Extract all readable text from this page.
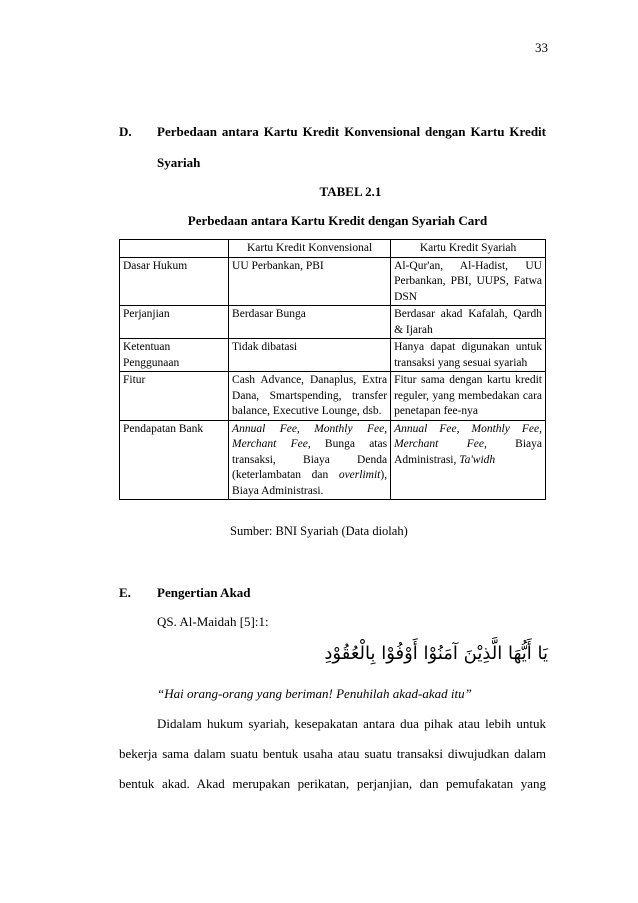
33
D. Perbedaan antara Kartu Kredit Konvensional dengan Kartu Kredit
Syariah
TABEL 2.1
Perbedaan antara Kartu Kredit dengan Syariah Card
	Kartu Kredit Konvensional	Kartu Kredit Syariah
Dasar Hukum	UU Perbankan, PBI	Al-Qur'an, Al-Hadist, UU Perbankan, PBI, UUPS, Fatwa DSN
Perjanjian	Berdasar Bunga	Berdasar akad Kafalah, Qardh & Ijarah
Ketentuan Penggunaan	Tidak dibatasi	Hanya dapat digunakan untuk transaksi yang sesuai syariah
Fitur	Cash Advance, Danaplus, Extra Dana, Smartspending, transfer balance, Executive Lounge, dsb.	Fitur sama dengan kartu kredit reguler, yang membedakan cara penetapan fee-nya
Pendapatan Bank	Annual Fee, Monthly Fee, Merchant Fee, Bunga atas transaksi, Biaya Denda (keterlambatan dan overlimit), Biaya Administrasi.	Annual Fee, Monthly Fee, Merchant Fee, Biaya Administrasi, Ta'widh
Sumber: BNI Syariah (Data diolah)
E. Pengertian Akad
QS. Al-Maidah [5]:1:
يَا أَيُّهَا الَّذِيْنَ آمَنُوْا أَوْفُوْا بِالْعُقُوْدِ
“Hai orang-orang yang beriman! Penuhilah akad-akad itu”
Didalam hukum syariah, kesepakatan antara dua pihak atau lebih untuk
bekerja sama dalam suatu bentuk usaha atau suatu transaksi diwujudkan dalam
bentuk akad. Akad merupakan perikatan, perjanjian, dan pemufakatan yang
